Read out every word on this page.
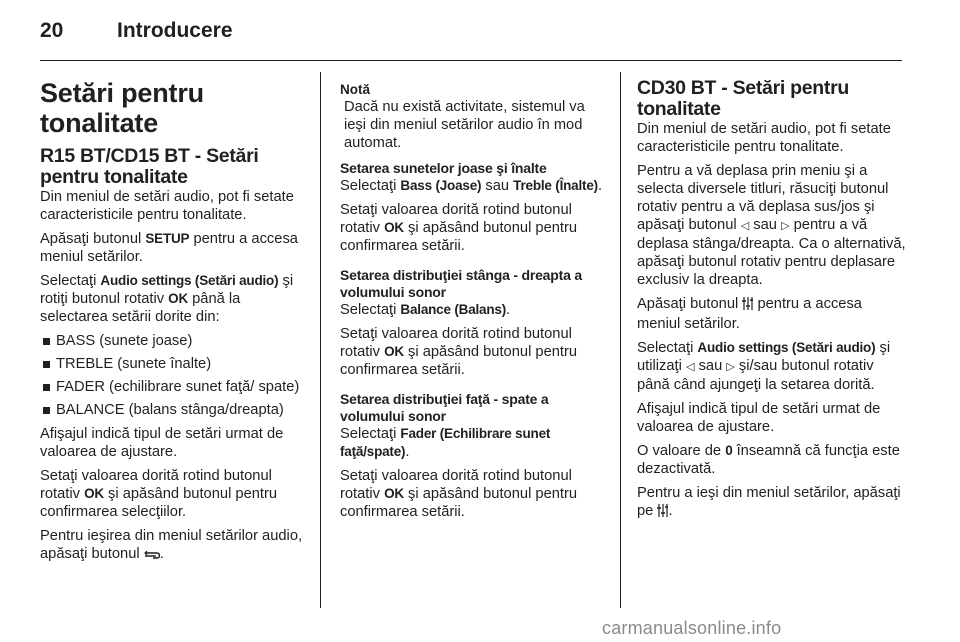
20	Introducere
Setări pentru tonalitate
R15 BT/CD15 BT - Setări pentru tonalitate

Din meniul de setări audio, pot fi setate caracteristicile pentru tonalitate.

Apăsaţi butonul SETUP pentru a accesa meniul setărilor.

Selectaţi Audio settings (Setări audio) şi rotiţi butonul rotativ OK până la selectarea setării dorite din:

BASS (sunete joase)
TREBLE (sunete înalte)
FADER (echilibrare sunet faţă/ spate)
BALANCE (balans stânga/dreapta)

Afişajul indică tipul de setări urmat de valoarea de ajustare.

Setaţi valoarea dorită rotind butonul rotativ OK şi apăsând butonul pentru confirmarea selecţiilor.

Pentru ieşirea din meniul setărilor audio, apăsaţi butonul .

Notă
Dacă nu există activitate, sistemul va ieşi din meniul setărilor audio în mod automat.
Setarea sunetelor joase şi înalte

Selectaţi Bass (Joase) sau Treble (Înalte).

Setaţi valoarea dorită rotind butonul rotativ OK şi apăsând butonul pentru confirmarea setării.

Setarea distribuţiei stânga - dreapta a volumului sonor

Selectaţi Balance (Balans).

Setaţi valoarea dorită rotind butonul rotativ OK şi apăsând butonul pentru confirmarea setării.

Setarea distribuţiei faţă - spate a volumului sonor

Selectaţi Fader (Echilibrare sunet faţă/spate).

Setaţi valoarea dorită rotind butonul rotativ OK şi apăsând butonul pentru confirmarea setării.

CD30 BT - Setări pentru tonalitate

Din meniul de setări audio, pot fi setate caracteristicile pentru tonalitate.

Pentru a vă deplasa prin meniu şi a selecta diversele titluri, răsuciţi butonul rotativ pentru a vă deplasa sus/jos şi apăsaţi butonul ◁ sau ▷ pentru a vă deplasa stânga/dreapta. Ca o alternativă, apăsaţi butonul rotativ pentru deplasare exclusiv la dreapta.

Apăsaţi butonul pentru a accesa meniul setărilor.

Selectaţi Audio settings (Setări audio) şi utilizaţi ◁ sau ▷ şi/sau butonul rotativ până când ajungeţi la setarea dorită.

Afişajul indică tipul de setări urmat de valoarea de ajustare.

O valoare de 0 înseamnă că funcţia este dezactivată.

Pentru a ieşi din meniul setărilor, apăsaţi pe .

carmanualsonline.info
